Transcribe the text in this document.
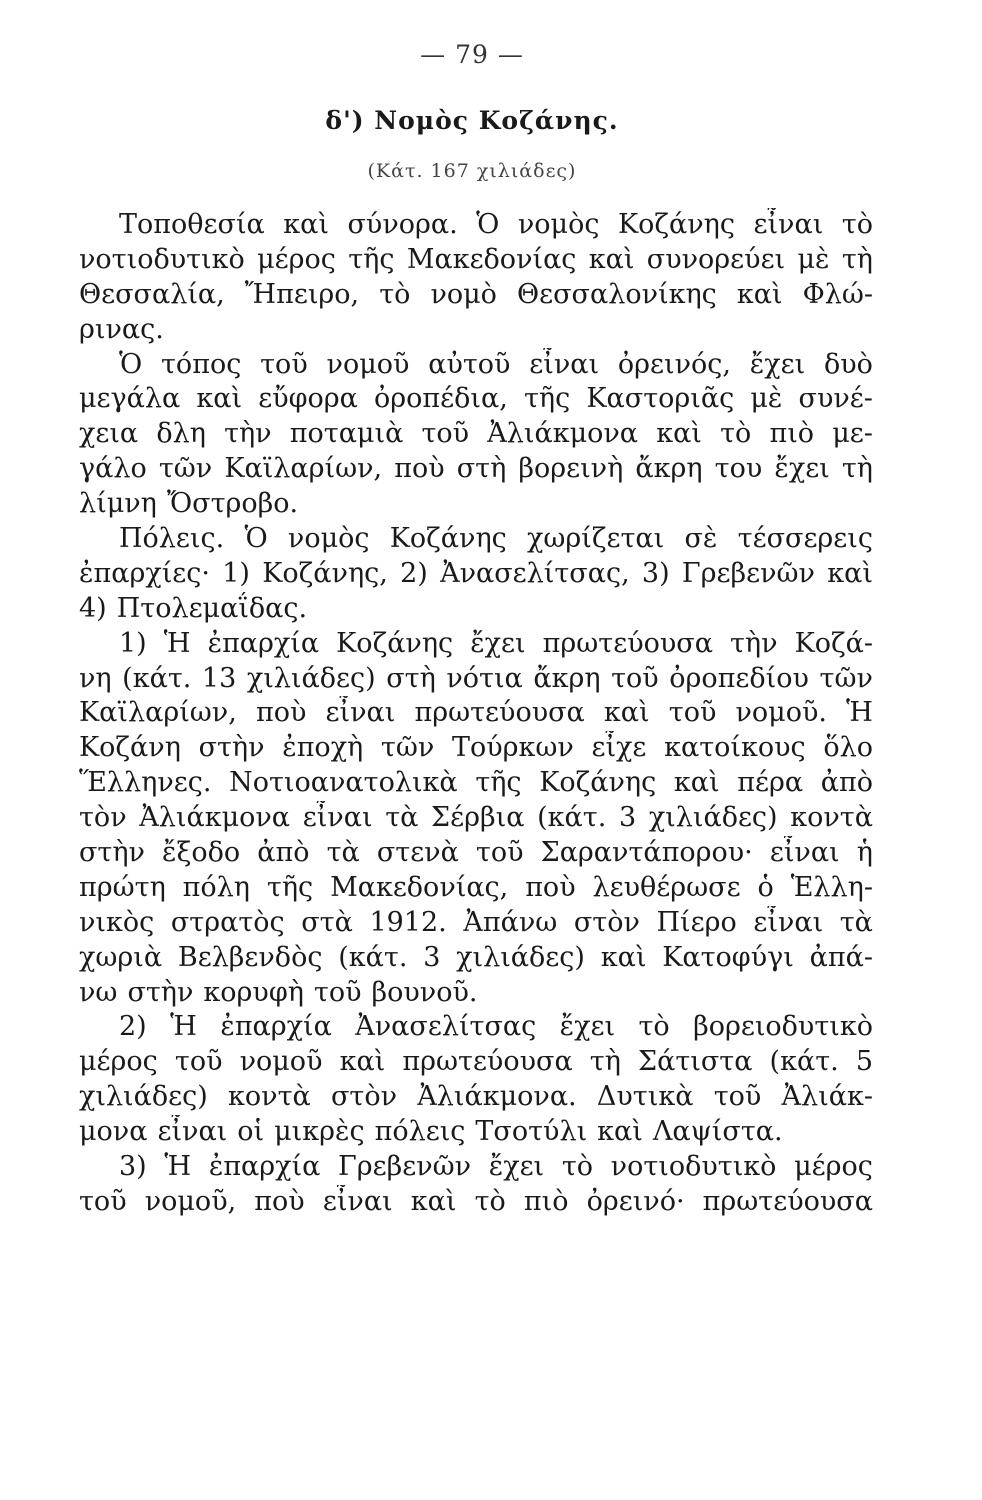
— 79 —
δ') Νομὸς Κοζάνης.
(Κάτ. 167 χιλιάδες)
Τοποθεσία καὶ σύνορα. Ὁ νομὸς Κοζάνης εἶναι τὸ
νοτιοδυτικὸ μέρος τῆς Μακεδονίας καὶ συνορεύει μὲ τὴ
Θεσσαλία, Ἤπειρο, τὸ νομὸ Θεσσαλονίκης καὶ Φλώ-
ρινας.
Ὁ τόπος τοῦ νομοῦ αὐτοῦ εἶναι ὀρεινός, ἔχει δυὸ
μεγάλα καὶ εὔφορα ὀροπέδια, τῆς Καστοριᾶς μὲ συνέ-
χεια δλη τὴν ποταμιὰ τοῦ Ἀλιάκμονα καὶ τὸ πιὸ με-
γάλο τῶν Καϊλαρίων, ποὺ στὴ βορεινὴ ἄκρη του ἔχει τὴ
λίμνη Ὄστροβο.
Πόλεις. Ὁ νομὸς Κοζάνης χωρίζεται σὲ τέσσερεις
ἐπαρχίες· 1) Κοζάνης, 2) Ἀνασελίτσας, 3) Γρεβενῶν καὶ
4) Πτολεμαΐδας.
1) Ἡ ἐπαρχία Κοζάνης ἔχει πρωτεύουσα τὴν Κοζά-
νη (κάτ. 13 χιλιάδες) στὴ νότια ἄκρη τοῦ ὀροπεδίου τῶν
Καϊλαρίων, ποὺ εἶναι πρωτεύουσα καὶ τοῦ νομοῦ. Ἡ
Κοζάνη στὴν ἐποχὴ τῶν Τούρκων εἶχε κατοίκους ὅλο
Ἕλληνες. Νοτιοανατολικὰ τῆς Κοζάνης καὶ πέρα ἀπὸ
τὸν Ἀλιάκμονα εἶναι τὰ Σέρβια (κάτ. 3 χιλιάδες) κοντὰ
στὴν ἔξοδο ἀπὸ τὰ στενὰ τοῦ Σαραντάπορου· εἶναι ἡ
πρώτη πόλη τῆς Μακεδονίας, ποὺ λευθέρωσε ὁ Ἑλλη-
νικὸς στρατὸς στὰ 1912. Ἀπάνω στὸν Πίερο εἶναι τὰ
χωριὰ Βελβενδὸς (κάτ. 3 χιλιάδες) καὶ Κατοφύγι ἀπά-
νω στὴν κορυφὴ τοῦ βουνοῦ.
2) Ἡ ἐπαρχία Ἀνασελίτσας ἔχει τὸ βορειοδυτικὸ
μέρος τοῦ νομοῦ καὶ πρωτεύουσα τὴ Σάτιστα (κάτ. 5
χιλιάδες) κοντὰ στὸν Ἀλιάκμονα. Δυτικὰ τοῦ Ἀλιάκ-
μονα εἶναι οἱ μικρὲς πόλεις Τσοτύλι καὶ Λαψίστα.
3) Ἡ ἐπαρχία Γρεβενῶν ἔχει τὸ νοτιοδυτικὸ μέρος
τοῦ νομοῦ, ποὺ εἶναι καὶ τὸ πιὸ ὀρεινό· πρωτεύουσα
